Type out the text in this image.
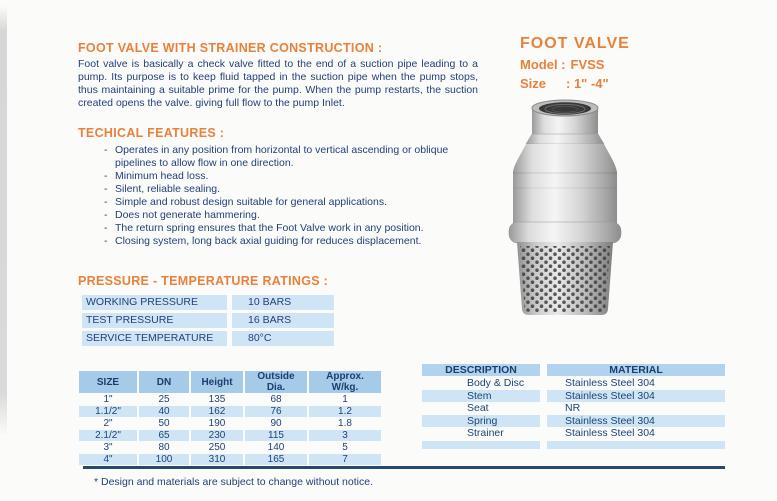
FOOT VALVE WITH STRAINER CONSTRUCTION :
Foot valve is basically a check valve fitted to the end of a suction pipe leading to a pump. Its purpose is to keep fluid tapped in the suction pipe when the pump stops, thus maintaining a suitable prime for the pump. When the pump restarts, the suction created opens the valve. giving full flow to the pump Inlet.
TECHICAL FEATURES :
- Operates in any position from horizontal to vertical ascending or oblique pipelines to allow flow in one direction.
- Minimum head loss.
- Silent, reliable sealing.
- Simple and robust design suitable for general applications.
- Does not generate hammering.
- The return spring ensures that the Foot Valve work in any position.
- Closing system, long back axial guiding for reduces displacement.
PRESSURE - TEMPERATURE RATINGS :
WORKING PRESSURE	10 BARS
TEST PRESSURE	16 BARS
SERVICE TEMPERATURE	80°C
SIZE	DN	Height	Outside Dia.	Approx. W/kg.
1"	25	135	68	1
1.1/2"	40	162	76	1.2
2"	50	190	90	1.8
2.1/2"	65	230	115	3
3"	80	250	140	5
4"	100	310	165	7
FOOT VALVE
Model : FVSS
Size	: 1" -4"
DESCRIPTION	MATERIAL
Body & Disc	Stainless Steel 304
Stem	Stainless Steel 304
Seat	NR
Spring	Stainless Steel 304
Strainer	Stainless Steel 304
* Design and materials are subject to change without notice.
